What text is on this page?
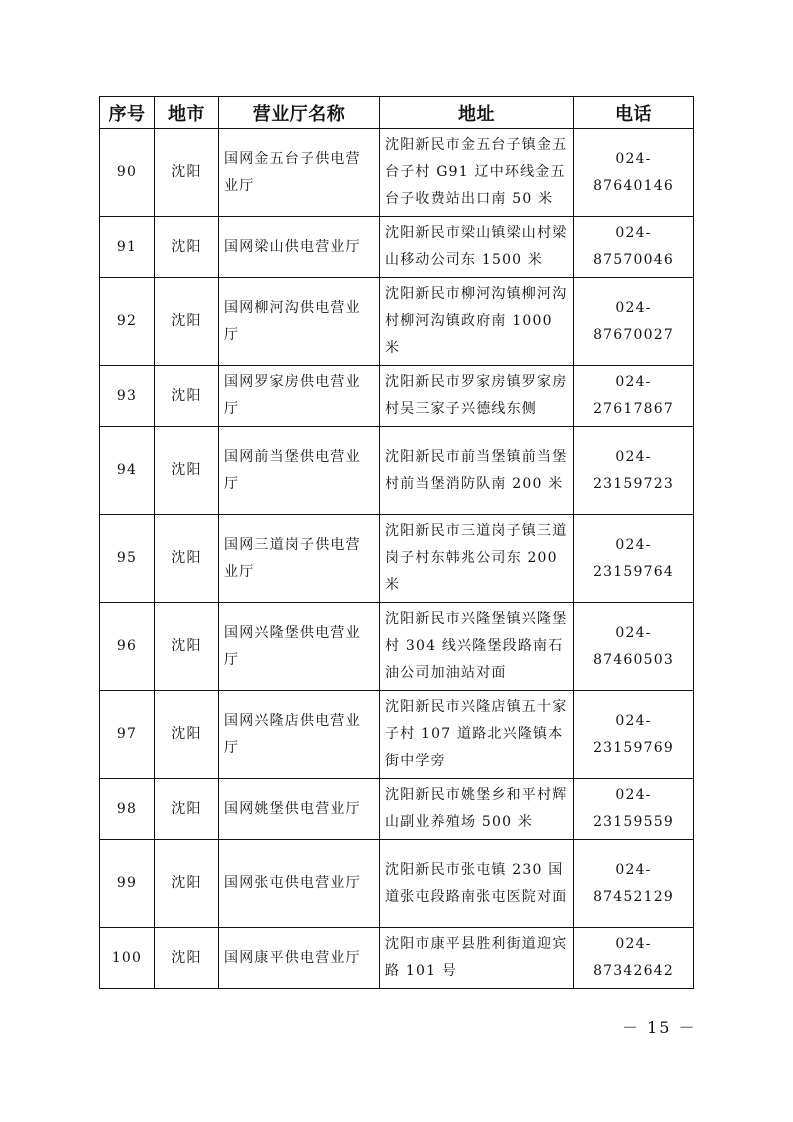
序号	地市	营业厅名称	地址	电话
90	沈阳	国网金五台子供电营业厅	沈阳新民市金五台子镇金五台子村 G91 辽中环线金五台子收费站出口南 50 米	024-87640146
91	沈阳	国网梁山供电营业厅	沈阳新民市梁山镇梁山村梁山移动公司东 1500 米	024-87570046
92	沈阳	国网柳河沟供电营业厅	沈阳新民市柳河沟镇柳河沟村柳河沟镇政府南 1000 米	024-87670027
93	沈阳	国网罗家房供电营业厅	沈阳新民市罗家房镇罗家房村吴三家子兴德线东侧	024-27617867
94	沈阳	国网前当堡供电营业厅	沈阳新民市前当堡镇前当堡村前当堡消防队南 200 米	024-23159723
95	沈阳	国网三道岗子供电营业厅	沈阳新民市三道岗子镇三道岗子村东韩兆公司东 200 米	024-23159764
96	沈阳	国网兴隆堡供电营业厅	沈阳新民市兴隆堡镇兴隆堡村 304 线兴隆堡段路南石油公司加油站对面	024-87460503
97	沈阳	国网兴隆店供电营业厅	沈阳新民市兴隆店镇五十家子村 107 道路北兴隆镇本街中学旁	024-23159769
98	沈阳	国网姚堡供电营业厅	沈阳新民市姚堡乡和平村辉山副业养殖场 500 米	024-23159559
99	沈阳	国网张屯供电营业厅	沈阳新民市张屯镇 230 国道张屯段路南张屯医院对面	024-87452129
100	沈阳	国网康平供电营业厅	沈阳市康平县胜利街道迎宾路 101 号	024-87342642
－ 15 －
